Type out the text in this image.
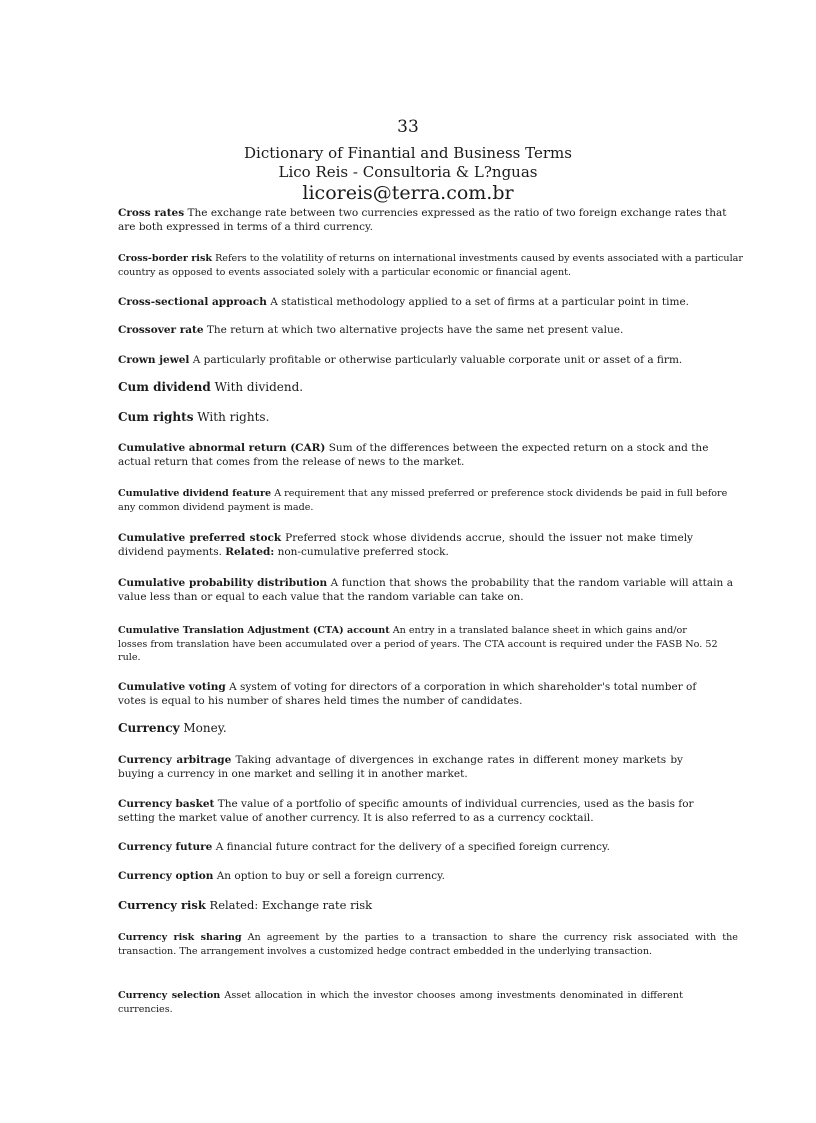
33
Dictionary of Finantial and Business Terms
Lico Reis - Consultoria & L?nguas
licoreis@terra.com.br
Cross rates The exchange rate between two currencies expressed as the ratio of two foreign exchange rates that are both expressed in terms of a third currency.
Cross-border risk Refers to the volatility of returns on international investments caused by events associated with a particular country as opposed to events associated solely with a particular economic or financial agent.
Cross-sectional approach A statistical methodology applied to a set of firms at a particular point in time.
Crossover rate The return at which two alternative projects have the same net present value.
Crown jewel A particularly profitable or otherwise particularly valuable corporate unit or asset of a firm.
Cum dividend With dividend.
Cum rights With rights.
Cumulative abnormal return (CAR) Sum of the differences between the expected return on a stock and the actual return that comes from the release of news to the market.
Cumulative dividend feature A requirement that any missed preferred or preference stock dividends be paid in full before any common dividend payment is made.
Cumulative preferred stock Preferred stock whose dividends accrue, should the issuer not make timely dividend payments. Related: non-cumulative preferred stock.
Cumulative probability distribution A function that shows the probability that the random variable will attain a value less than or equal to each value that the random variable can take on.
Cumulative Translation Adjustment (CTA) account An entry in a translated balance sheet in which gains and/or losses from translation have been accumulated over a period of years. The CTA account is required under the FASB No. 52 rule.
Cumulative voting A system of voting for directors of a corporation in which shareholder's total number of votes is equal to his number of shares held times the number of candidates.
Currency Money.
Currency arbitrage Taking advantage of divergences in exchange rates in different money markets by buying a currency in one market and selling it in another market.
Currency basket The value of a portfolio of specific amounts of individual currencies, used as the basis for setting the market value of another currency. It is also referred to as a currency cocktail.
Currency future A financial future contract for the delivery of a specified foreign currency.
Currency option An option to buy or sell a foreign currency.
Currency risk Related: Exchange rate risk
Currency risk sharing An agreement by the parties to a transaction to share the currency risk associated with the transaction. The arrangement involves a customized hedge contract embedded in the underlying transaction.
Currency selection Asset allocation in which the investor chooses among investments denominated in different currencies.
